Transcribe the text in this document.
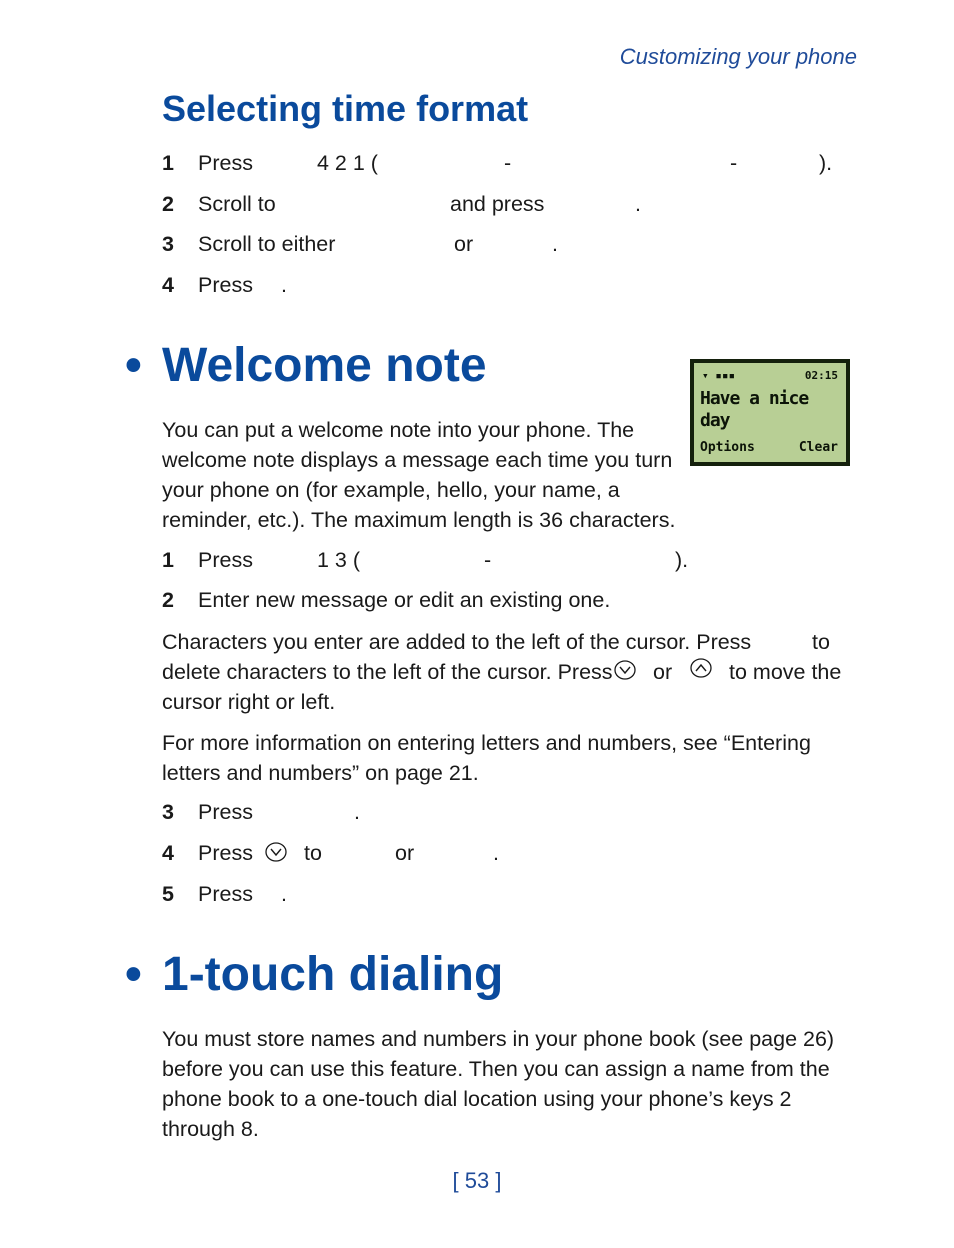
Customizing your phone
Selecting time format
1 Press	4 2 1 (	-	-	).
2 Scroll to	and press	.
3 Scroll to either	or	.
4 Press .
• Welcome note	▾ ▪▪▪	02:15
Have a nice
day
Options	Clear
You can put a welcome note into your phone. The
welcome note displays a message each time you turn
your phone on (for example, hello, your name, a
reminder, etc.). The maximum length is 36 characters.
1 Press	1 3 (	-	).
2 Enter new message or edit an existing one.
Characters you enter are added to the left of the cursor. Press	to
delete characters to the left of the cursor. Press or	to move the
cursor right or left.
For more information on entering letters and numbers, see “Entering
letters and numbers” on page 21.
3 Press	.
4 Press to	or	.
5 Press .
• 1-touch dialing
You must store names and numbers in your phone book (see page 26)
before you can use this feature. Then you can assign a name from the
phone book to a one-touch dial location using your phone’s keys 2
through 8.
[ 53 ]
